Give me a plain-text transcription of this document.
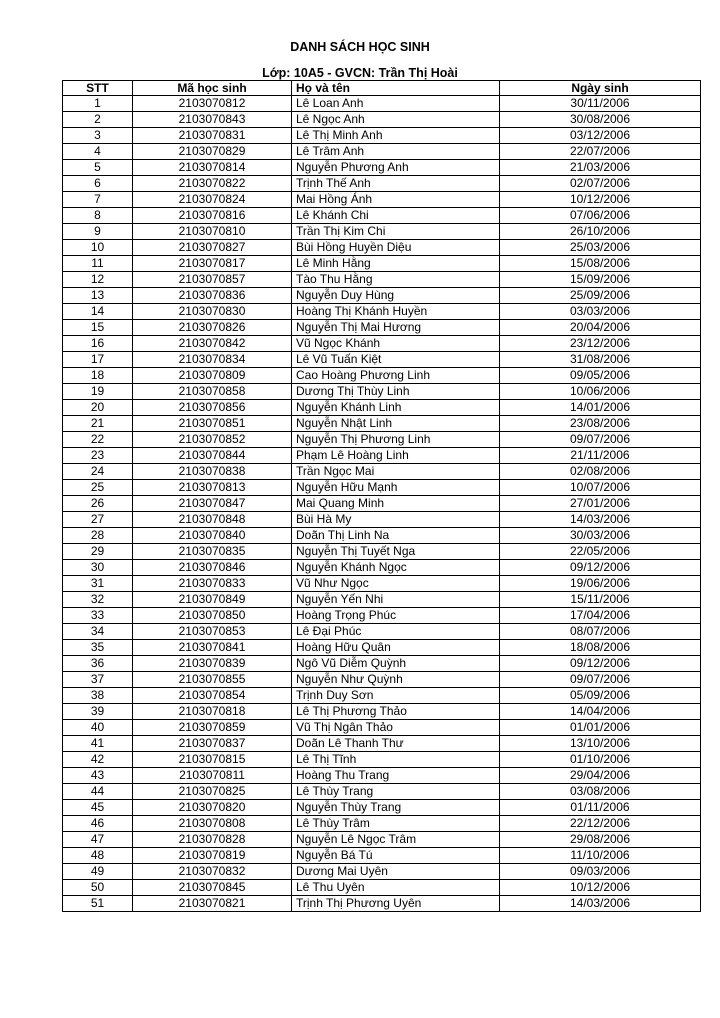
DANH SÁCH HỌC SINH
Lớp: 10A5 - GVCN: Trần Thị Hoài
STT	Mã học sinh	Họ và tên	Ngày sinh
1	2103070812	Lê Loan Anh	30/11/2006
2	2103070843	Lê Ngọc Anh	30/08/2006
3	2103070831	Lê Thị Minh Anh	03/12/2006
4	2103070829	Lê Trâm Anh	22/07/2006
5	2103070814	Nguyễn Phương Anh	21/03/2006
6	2103070822	Trịnh Thế Anh	02/07/2006
7	2103070824	Mai Hồng Ánh	10/12/2006
8	2103070816	Lê Khánh Chi	07/06/2006
9	2103070810	Trần Thị Kim Chi	26/10/2006
10	2103070827	Bùi Hồng Huyền Diệu	25/03/2006
11	2103070817	Lê Minh Hằng	15/08/2006
12	2103070857	Tào Thu Hằng	15/09/2006
13	2103070836	Nguyễn Duy Hùng	25/09/2006
14	2103070830	Hoàng Thị Khánh Huyền	03/03/2006
15	2103070826	Nguyễn Thị Mai Hương	20/04/2006
16	2103070842	Vũ Ngọc Khánh	23/12/2006
17	2103070834	Lê Vũ Tuấn Kiệt	31/08/2006
18	2103070809	Cao Hoàng Phương Linh	09/05/2006
19	2103070858	Dương Thị Thùy Linh	10/06/2006
20	2103070856	Nguyễn Khánh Linh	14/01/2006
21	2103070851	Nguyễn Nhật Linh	23/08/2006
22	2103070852	Nguyễn Thị Phương Linh	09/07/2006
23	2103070844	Phạm Lê Hoàng Linh	21/11/2006
24	2103070838	Trần Ngọc Mai	02/08/2006
25	2103070813	Nguyễn Hữu Mạnh	10/07/2006
26	2103070847	Mai Quang Minh	27/01/2006
27	2103070848	Bùi Hà My	14/03/2006
28	2103070840	Doãn Thị Linh Na	30/03/2006
29	2103070835	Nguyễn Thị Tuyết Nga	22/05/2006
30	2103070846	Nguyễn Khánh Ngọc	09/12/2006
31	2103070833	Vũ Như Ngọc	19/06/2006
32	2103070849	Nguyễn Yến Nhi	15/11/2006
33	2103070850	Hoàng Trọng Phúc	17/04/2006
34	2103070853	Lê Đại Phúc	08/07/2006
35	2103070841	Hoàng Hữu Quân	18/08/2006
36	2103070839	Ngô Vũ Diễm Quỳnh	09/12/2006
37	2103070855	Nguyễn Như Quỳnh	09/07/2006
38	2103070854	Trịnh Duy Sơn	05/09/2006
39	2103070818	Lê Thị Phương Thảo	14/04/2006
40	2103070859	Vũ Thị Ngân Thảo	01/01/2006
41	2103070837	Doãn Lê Thanh Thư	13/10/2006
42	2103070815	Lê Thị Tĩnh	01/10/2006
43	2103070811	Hoàng Thu Trang	29/04/2006
44	2103070825	Lê Thùy Trang	03/08/2006
45	2103070820	Nguyễn Thùy Trang	01/11/2006
46	2103070808	Lê Thùy Trâm	22/12/2006
47	2103070828	Nguyễn Lê Ngọc Trâm	29/08/2006
48	2103070819	Nguyễn Bá Tú	11/10/2006
49	2103070832	Dương Mai Uyên	09/03/2006
50	2103070845	Lê Thu Uyên	10/12/2006
51	2103070821	Trịnh Thị Phương Uyên	14/03/2006
